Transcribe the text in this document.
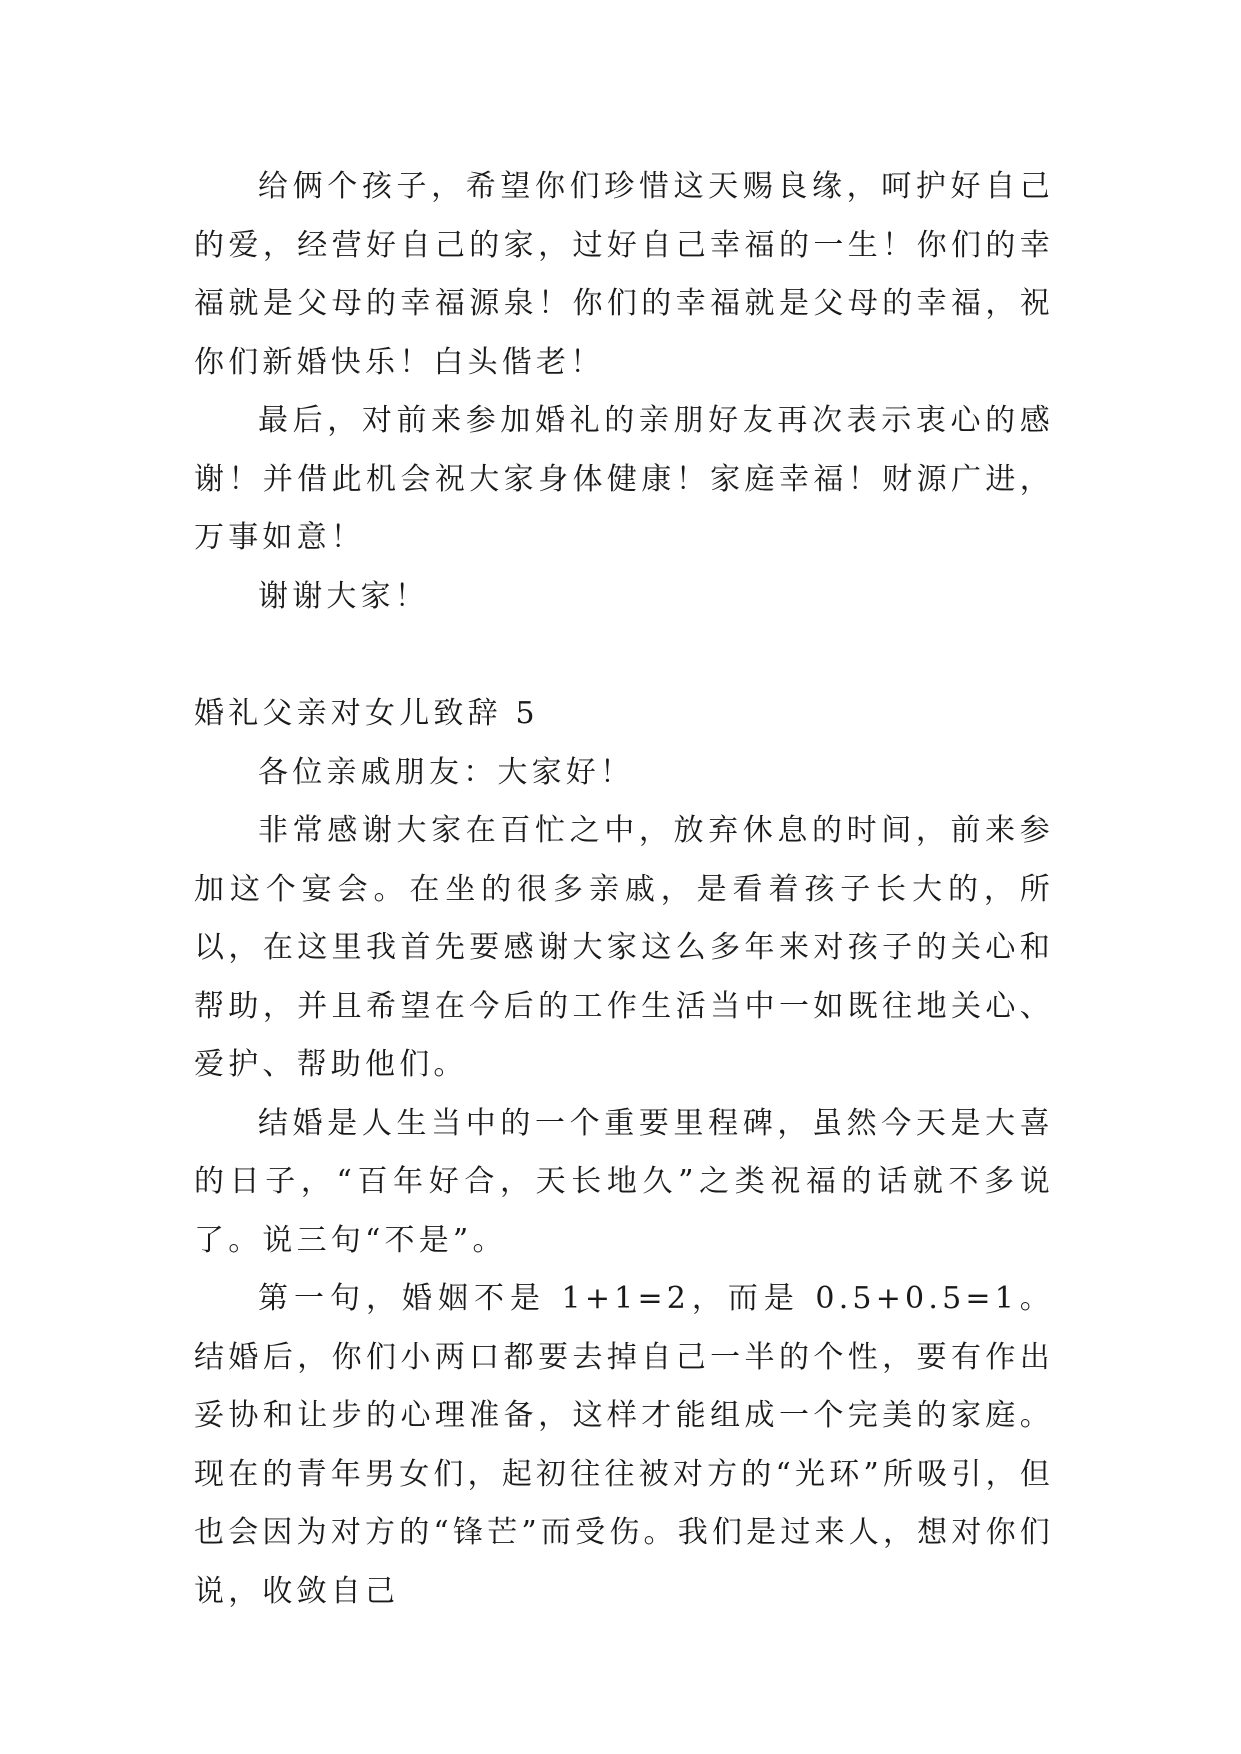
给俩个孩子，希望你们珍惜这天赐良缘，呵护好自己的爱，经营好自己的家，过好自己幸福的一生！你们的幸福就是父母的幸福源泉！你们的幸福就是父母的幸福，祝你们新婚快乐！白头偕老！

最后，对前来参加婚礼的亲朋好友再次表示衷心的感谢！并借此机会祝大家身体健康！家庭幸福！财源广进，万事如意！

谢谢大家！

婚礼父亲对女儿致辞 5

各位亲戚朋友：大家好！

非常感谢大家在百忙之中，放弃休息的时间，前来参加这个宴会。在坐的很多亲戚，是看着孩子长大的，所以，在这里我首先要感谢大家这么多年来对孩子的关心和帮助，并且希望在今后的工作生活当中一如既往地关心、爱护、帮助他们。

结婚是人生当中的一个重要里程碑，虽然今天是大喜的日子，“百年好合，天长地久”之类祝福的话就不多说了。说三句“不是”。

第一句，婚姻不是 1+1=2，而是 0.5+0.5=1。结婚后，你们小两口都要去掉自己一半的个性，要有作出妥协和让步的心理准备，这样才能组成一个完美的家庭。现在的青年男女们，起初往往被对方的“光环”所吸引，但也会因为对方的“锋芒”而受伤。我们是过来人，想对你们说，收敛自己
